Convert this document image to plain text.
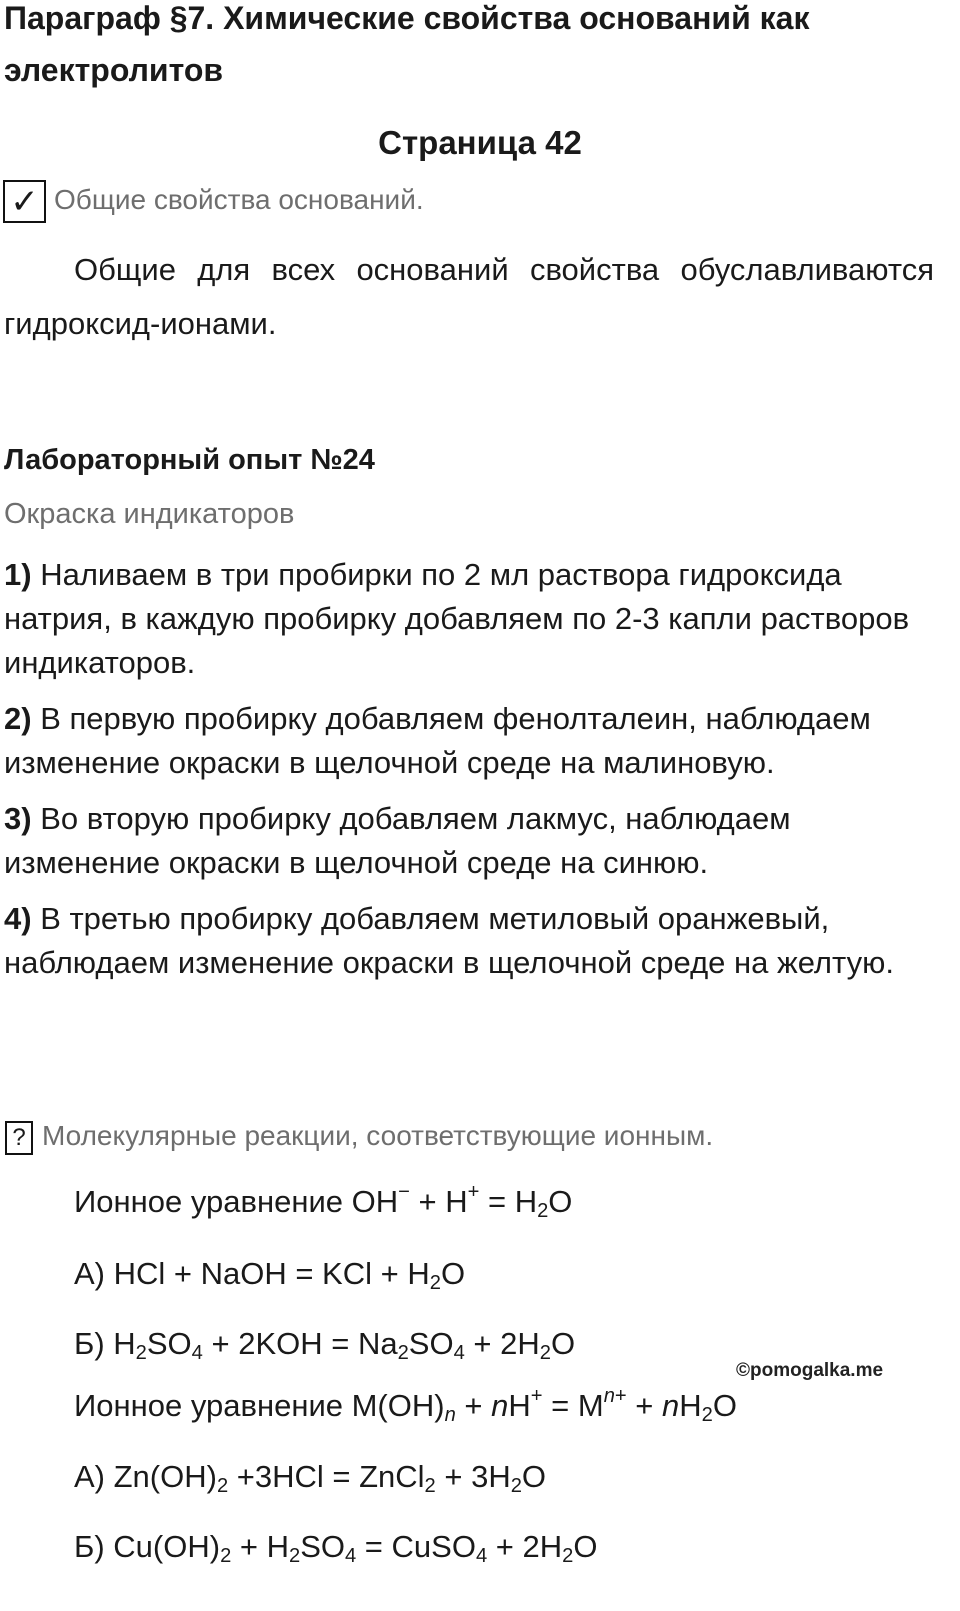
Параграф §7. Химические свойства оснований как
электролитов
Страница 42
✓ Общие свойства оснований.
Общие для всех оснований свойства обуславливаются
гидроксид-ионами.
Лабораторный опыт №24
Окраска индикаторов
1) Наливаем в три пробирки по 2 мл раствора гидроксида натрия, в каждую пробирку добавляем по 2-3 капли растворов индикаторов.
2) В первую пробирку добавляем фенолталеин, наблюдаем изменение окраски в щелочной среде на малиновую.
3) Во вторую пробирку добавляем лакмус, наблюдаем изменение окраски в щелочной среде на синюю.
4) В третью пробирку добавляем метиловый оранжевый, наблюдаем изменение окраски в щелочной среде на желтую.
? Молекулярные реакции, соответствующие ионным.
Ионное уравнение $OH^- + H^+ = H_2O$
А) HCl + NaOH = KCl + $H_2O$
Б) $H_2SO_4 + 2KOH = Na_2SO_4 + 2H_2O$
©pomogalka.me
Ионное уравнение $M(OH)_n + nH^+ = M^{n+} + nH_2O$
А) $Zn(OH)_2 +3HCl$ = ZnCl$_2$ + $3H_2O$
Б) $Cu(OH)_2 + H_2SO_4$ = CuSO$_4$ + $2H_2O$
